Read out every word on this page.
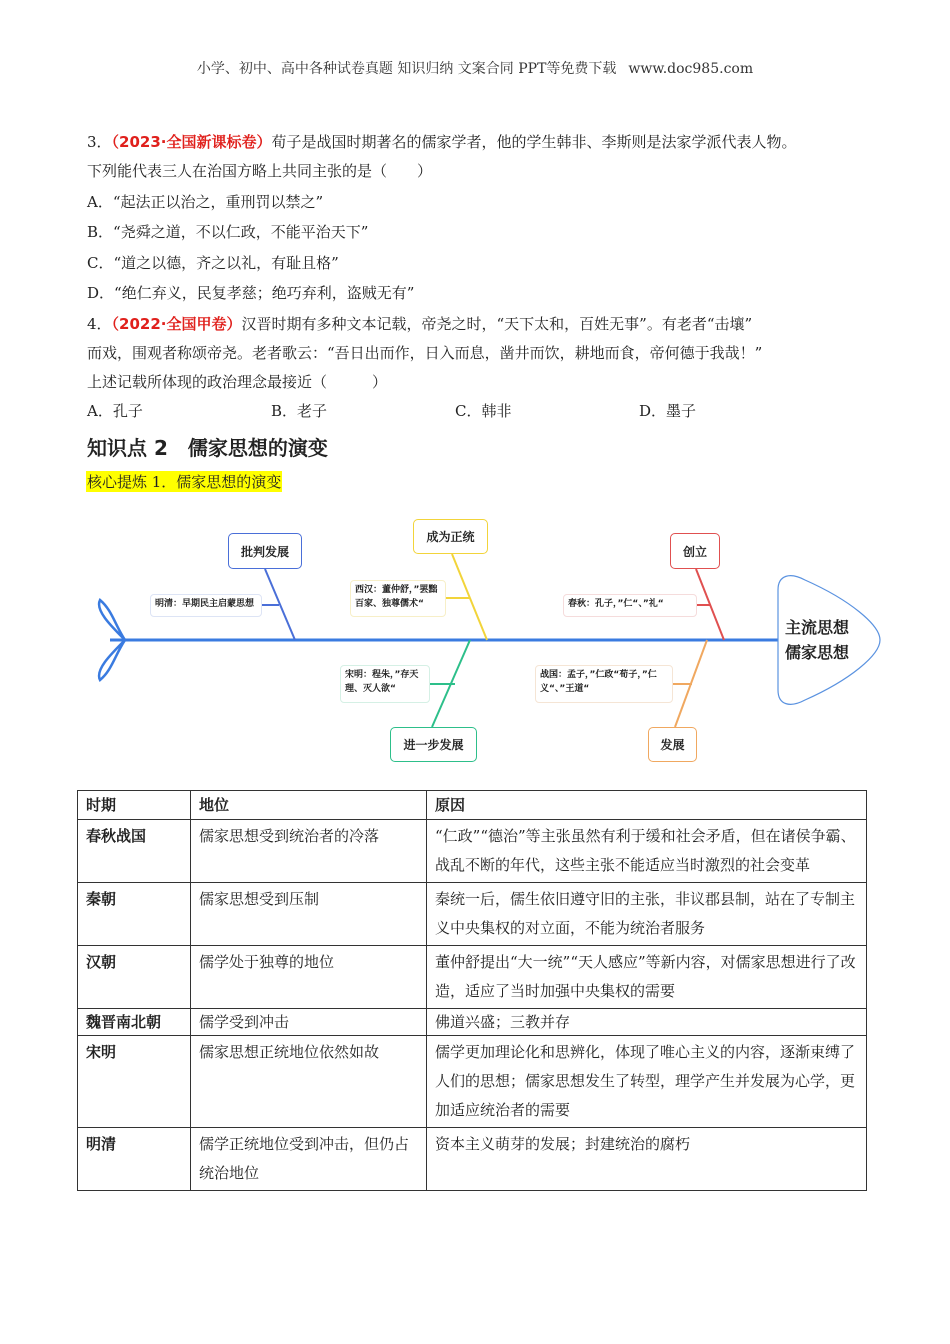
小学、初中、高中各种试卷真题 知识归纳 文案合同 PPT等免费下载 www.doc985.com
3．（2023·全国新课标卷）荀子是战国时期著名的儒家学者，他的学生韩非、李斯则是法家学派代表人物。
下列能代表三人在治国方略上共同主张的是（　　）
A．“起法正以治之，重刑罚以禁之”
B．“尧舜之道，不以仁政，不能平治天下”
C．“道之以德，齐之以礼，有耻且格”
D．“绝仁弃义，民复孝慈；绝巧弃利，盗贼无有”
4．（2022·全国甲卷）汉晋时期有多种文本记载，帝尧之时，“天下太和，百姓无事”。有老者“击壤”
而戏，围观者称颂帝尧。老者歌云：“吾日出而作，日入而息，凿井而饮，耕地而食，帝何德于我哉！”
上述记载所体现的政治理念最接近（　　　）
A．孔子	B．老子	C．韩非	D．墨子
知识点 2　儒家思想的演变
核心提炼 1．儒家思想的演变
主流思想
儒家思想
批判发展
明清：早期民主启蒙思想
成为正统
西汉：董仲舒，”罢黜百家、独尊儒术“
创立
春秋：孔子，”仁“、”礼“
进一步发展
宋明：程朱，”存天理、灭人欲“
发展
战国：孟子，”仁政“荀子，”仁义“、”王道“
时期	地位	原因
春秋战国	儒家思想受到统治者的冷落	“仁政”“德治”等主张虽然有利于缓和社会矛盾，但在诸侯争霸、战乱不断的年代，这些主张不能适应当时激烈的社会变革
秦朝	儒家思想受到压制	秦统一后，儒生依旧遵守旧的主张，非议郡县制，站在了专制主义中央集权的对立面，不能为统治者服务
汉朝	儒学处于独尊的地位	董仲舒提出“大一统”“天人感应”等新内容，对儒家思想进行了改造，适应了当时加强中央集权的需要
魏晋南北朝	儒学受到冲击	佛道兴盛；三教并存
宋明	儒家思想正统地位依然如故	儒学更加理论化和思辨化，体现了唯心主义的内容，逐渐束缚了人们的思想；儒家思想发生了转型，理学产生并发展为心学，更加适应统治者的需要
明清	儒学正统地位受到冲击，但仍占统治地位	资本主义萌芽的发展；封建统治的腐朽
